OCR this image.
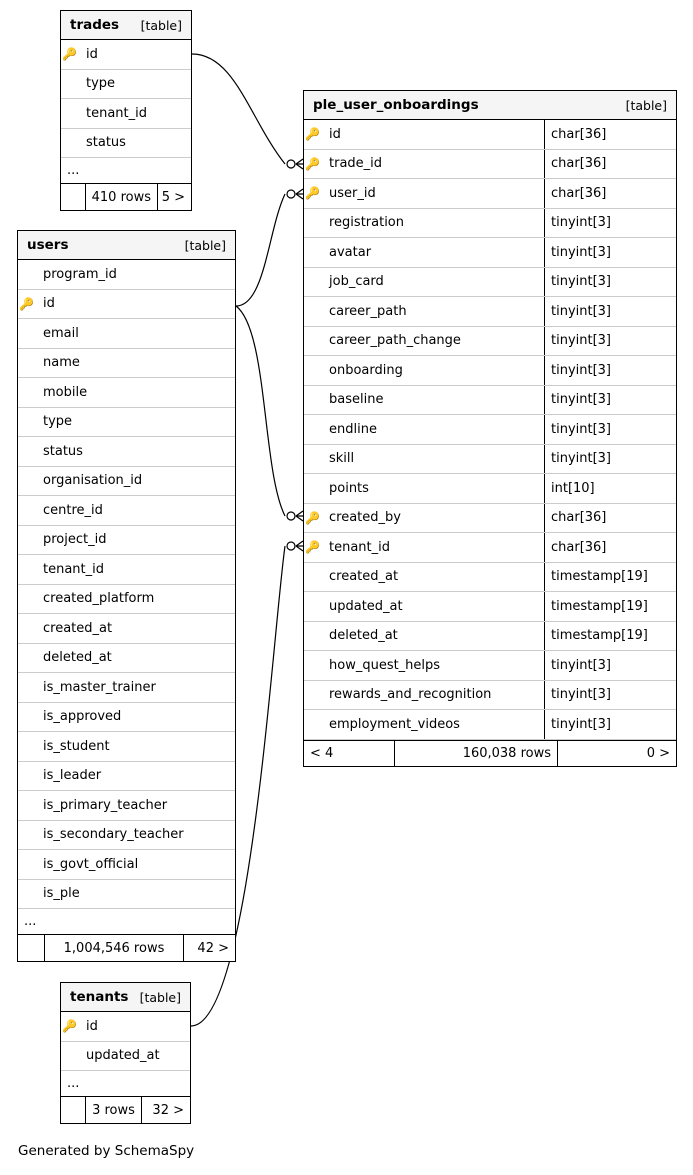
trades [table]
🔑 id
type
tenant_id
status
...
410 rows 5 >
users	[table]
program_id
🔑 id
email
name
mobile
type
status
organisation_id
centre_id
project_id
tenant_id
created_platform
created_at
deleted_at
is_master_trainer
is_approved
is_student
is_leader
is_primary_teacher
is_secondary_teacher
is_govt_official
is_ple
...
1,004,546 rows	42 >
tenants [table]
🔑 id
updated_at
...
3 rows	32 >
ple_user_onboardings	[table]
🔑 id	char[36]
🔑 trade_id	char[36]
🔑 user_id	char[36]
registration	tinyint[3]
avatar	tinyint[3]
job_card	tinyint[3]
career_path	tinyint[3]
career_path_change	tinyint[3]
onboarding	tinyint[3]
baseline	tinyint[3]
endline	tinyint[3]
skill	tinyint[3]
points	int[10]
🔑 created_by	char[36]
🔑 tenant_id	char[36]
created_at	timestamp[19]
updated_at	timestamp[19]
deleted_at	timestamp[19]
how_quest_helps	tinyint[3]
rewards_and_recognition	tinyint[3]
employment_videos	tinyint[3]
< 4	160,038 rows	0 >
Generated by SchemaSpy
